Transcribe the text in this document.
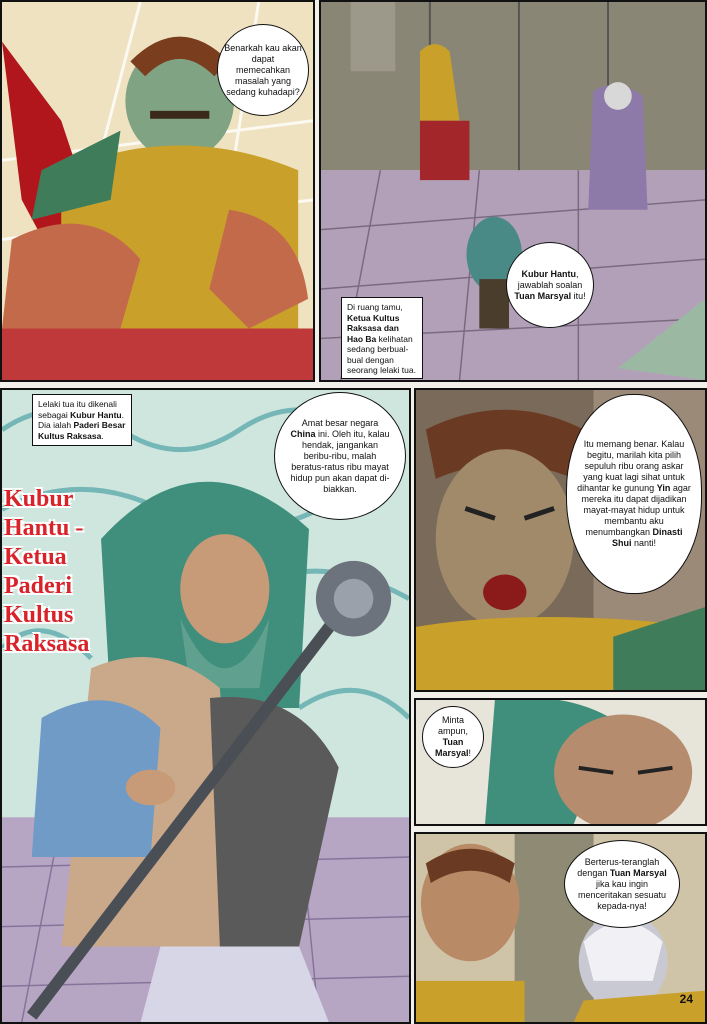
Benarkah kau akan dapat memecahkan masalah yang sedang kuhadapi?
Di ruang tamu, Ketua Kultus Raksasa dan Hao Ba kelihatan sedang berbual-bual dengan seorang lelaki tua.
Kubur Hantu, jawablah soalan Tuan Marsyal itu!
Lelaki tua itu dikenali sebagai Kubur Hantu. Dia ialah Paderi Besar Kultus Raksasa.
Amat besar negara China ini. Oleh itu, kalau hendak, jangankan beribu-ribu, malah beratus-ratus ribu mayat hidup pun akan dapat di-biakkan.
Kubur
Hantu -
Ketua
Paderi
Kultus
Raksasa
Itu memang benar. Kalau begitu, marilah kita pilih sepuluh ribu orang askar yang kuat lagi sihat untuk dihantar ke gunung Yin agar mereka itu dapat dijadikan mayat-mayat hidup untuk membantu aku menumbangkan Dinasti Shui nanti!
Minta ampun, Tuan Marsyal!
Berterus-teranglah dengan Tuan Marsyal jika kau ingin menceritakan sesuatu kepada-nya!
24
